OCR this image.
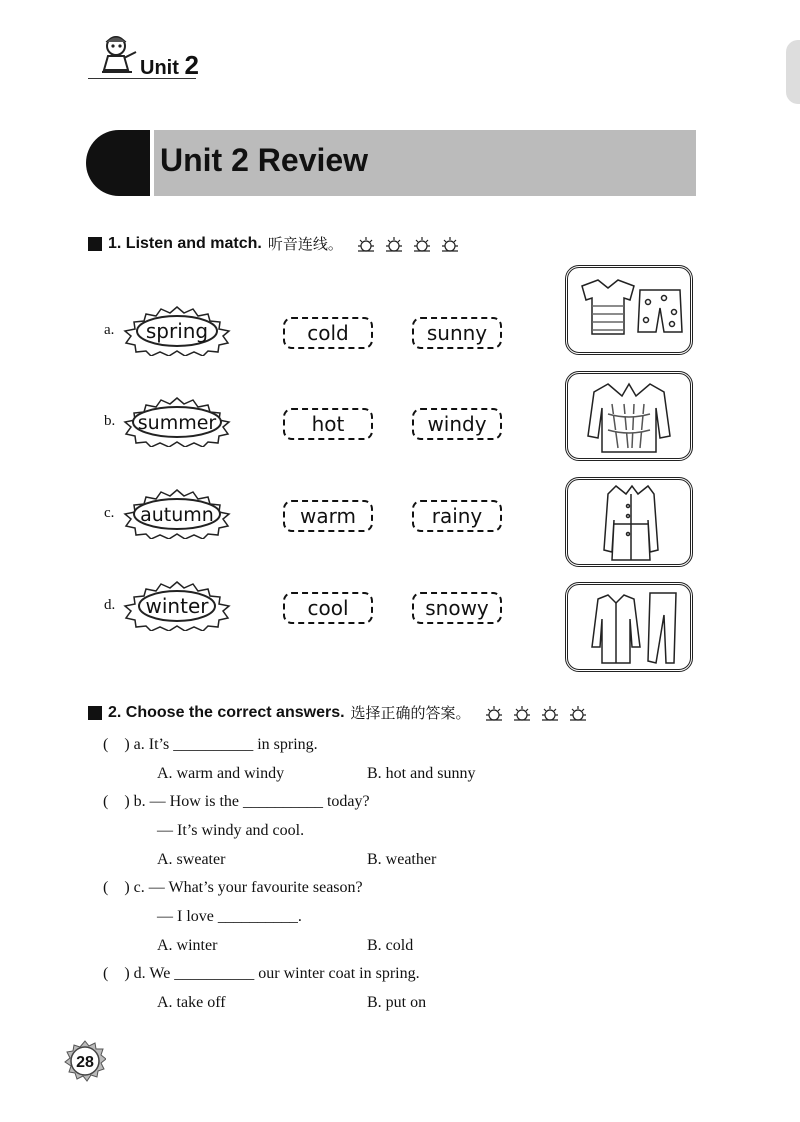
Unit 2
Unit 2 Review
1. Listen and match. 听音连线。
a. spring	cold	sunny
b. summer	hot	windy
c. autumn	warm	rainy
d. winter	cool	snowy
2. Choose the correct answers. 选择正确的答案。
(    ) a. It’s __________ in spring.
A. warm and windy	B. hot and sunny
(    ) b. — How is the __________ today?
— It’s windy and cool.
A. sweater	B. weather
(    ) c. — What’s your favourite season?
— I love __________.
A. winter	B. cold
(    ) d. We __________ our winter coat in spring.
A. take off	B. put on
28
